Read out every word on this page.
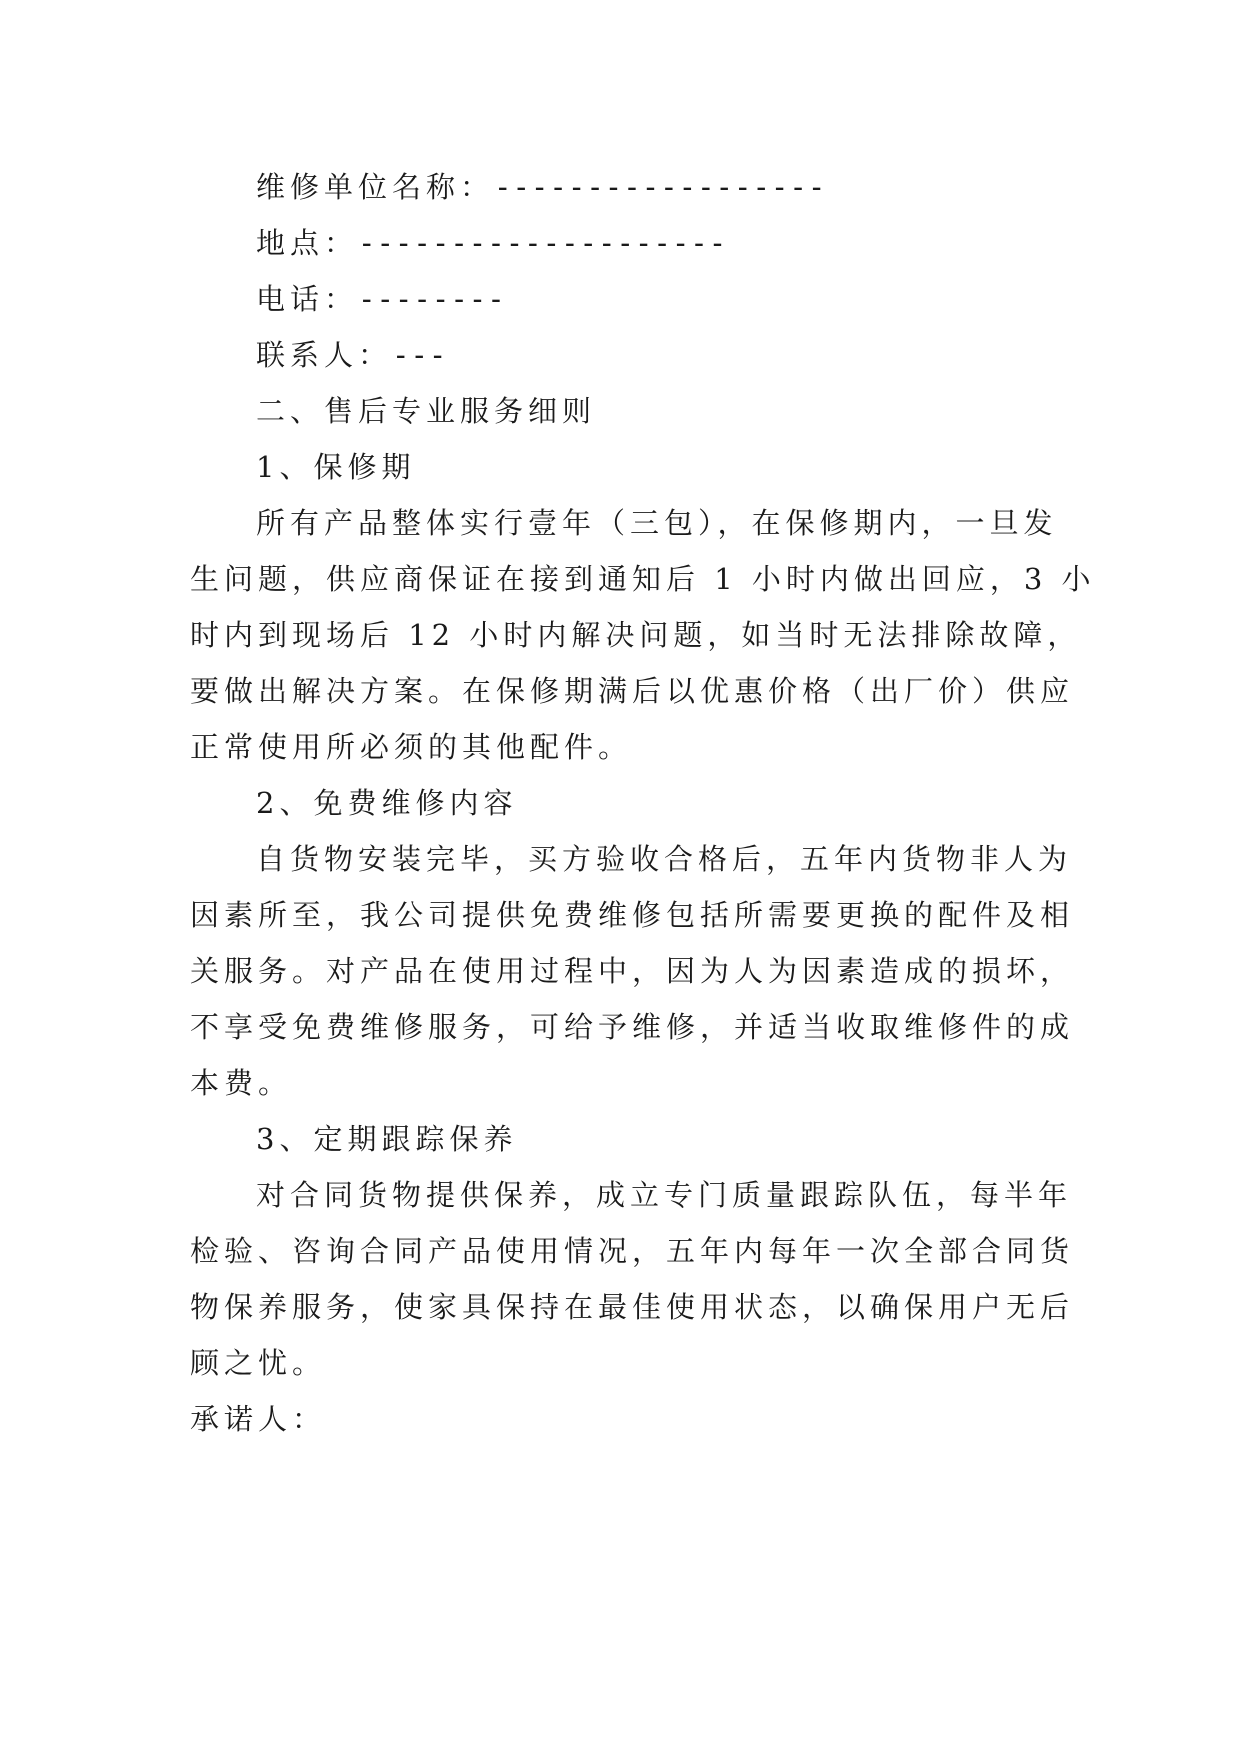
维修单位名称：------------------
地点：--------------------
电话：--------
联系人：---
二、售后专业服务细则
1、保修期
所有产品整体实行壹年（三包），在保修期内，一旦发
生问题，供应商保证在接到通知后 1 小时内做出回应，3 小
时内到现场后 12 小时内解决问题，如当时无法排除故障，
要做出解决方案。在保修期满后以优惠价格（出厂价）供应
正常使用所必须的其他配件。
2、免费维修内容
自货物安装完毕，买方验收合格后，五年内货物非人为
因素所至，我公司提供免费维修包括所需要更换的配件及相
关服务。对产品在使用过程中，因为人为因素造成的损坏，
不享受免费维修服务，可给予维修，并适当收取维修件的成
本费。
3、定期跟踪保养
对合同货物提供保养，成立专门质量跟踪队伍，每半年
检验、咨询合同产品使用情况，五年内每年一次全部合同货
物保养服务，使家具保持在最佳使用状态，以确保用户无后
顾之忧。
承诺人：
